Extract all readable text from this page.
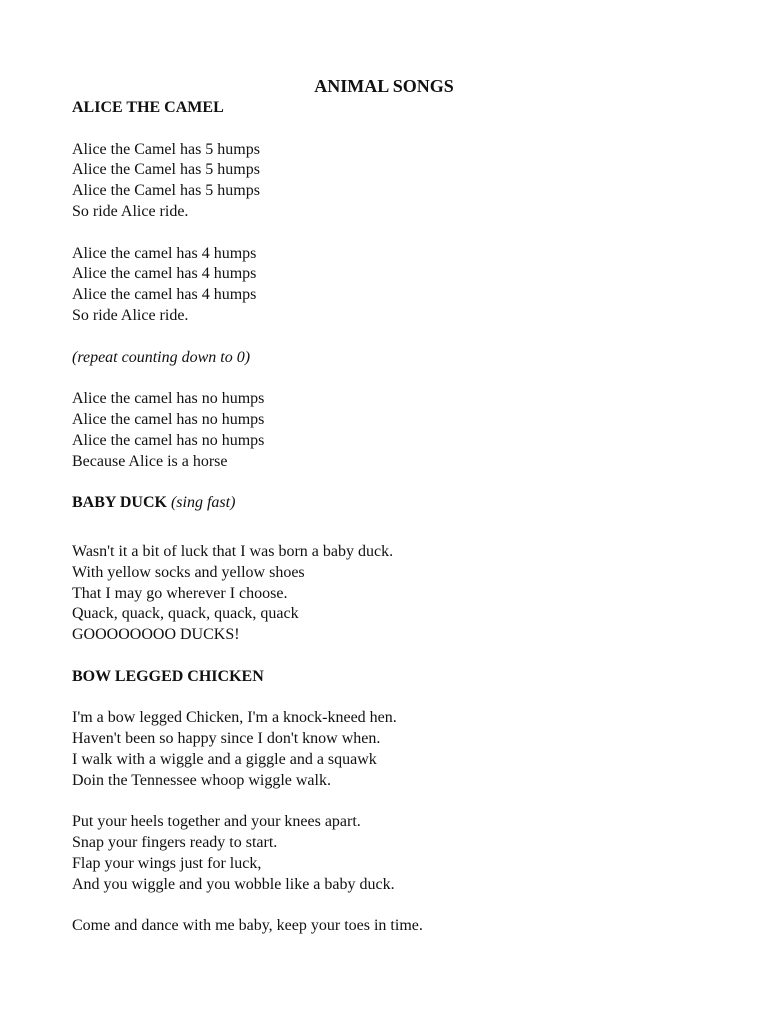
ANIMAL SONGS
ALICE THE CAMEL
Alice the Camel has 5 humps
Alice the Camel has 5 humps
Alice the Camel has 5 humps
So ride Alice ride.
Alice the camel has 4 humps
Alice the camel has 4 humps
Alice the camel has 4 humps
So ride Alice ride.
(repeat counting down to 0)
Alice the camel has no humps
Alice the camel has no humps
Alice the camel has no humps
Because Alice is a horse
BABY DUCK (sing fast)
Wasn't it a bit of luck that I was born a baby duck.
With yellow socks and yellow shoes
That I may go wherever I choose.
Quack, quack, quack, quack, quack
GOOOOOOOO DUCKS!
BOW LEGGED CHICKEN
I'm a bow legged Chicken, I'm a knock-kneed hen.
Haven't been so happy since I don't know when.
I walk with a wiggle and a giggle and a squawk
Doin the Tennessee whoop wiggle walk.
Put your heels together and your knees apart.
Snap your fingers ready to start.
Flap your wings just for luck,
And you wiggle and you wobble like a baby duck.
Come and dance with me baby, keep your toes in time.
